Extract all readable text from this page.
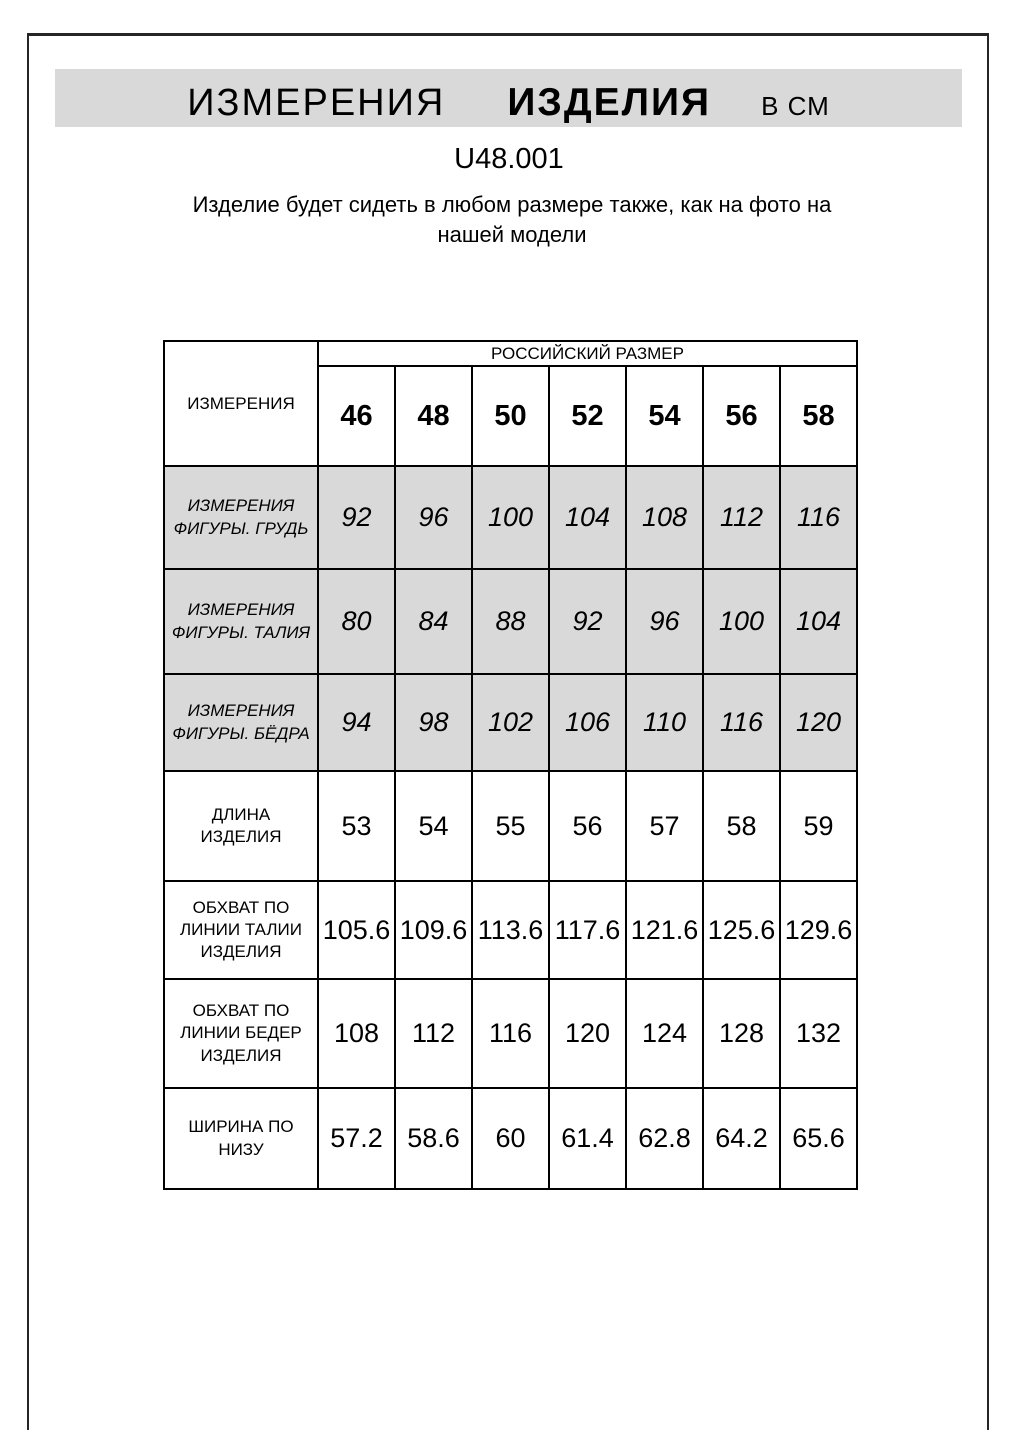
ИЗМЕРЕНИЯ ИЗДЕЛИЯ В СМ
U48.001

Изделие будет сидеть в любом размере также, как на фото на нашей модели

ИЗМЕРЕНИЯ	РОССИЙСКИЙ РАЗМЕР						
	46	48	50	52	54	56	58
ИЗМЕРЕНИЯ ФИГУРЫ. ГРУДЬ	92	96	100	104	108	112	116
ИЗМЕРЕНИЯ ФИГУРЫ. ТАЛИЯ	80	84	88	92	96	100	104
ИЗМЕРЕНИЯ ФИГУРЫ. БЁДРА	94	98	102	106	110	116	120
ДЛИНА ИЗДЕЛИЯ	53	54	55	56	57	58	59
ОБХВАТ ПО ЛИНИИ ТАЛИИ ИЗДЕЛИЯ	105.6	109.6	113.6	117.6	121.6	125.6	129.6
ОБХВАТ ПО ЛИНИИ БЕДЕР ИЗДЕЛИЯ	108	112	116	120	124	128	132
ШИРИНА ПО НИЗУ	57.2	58.6	60	61.4	62.8	64.2	65.6
